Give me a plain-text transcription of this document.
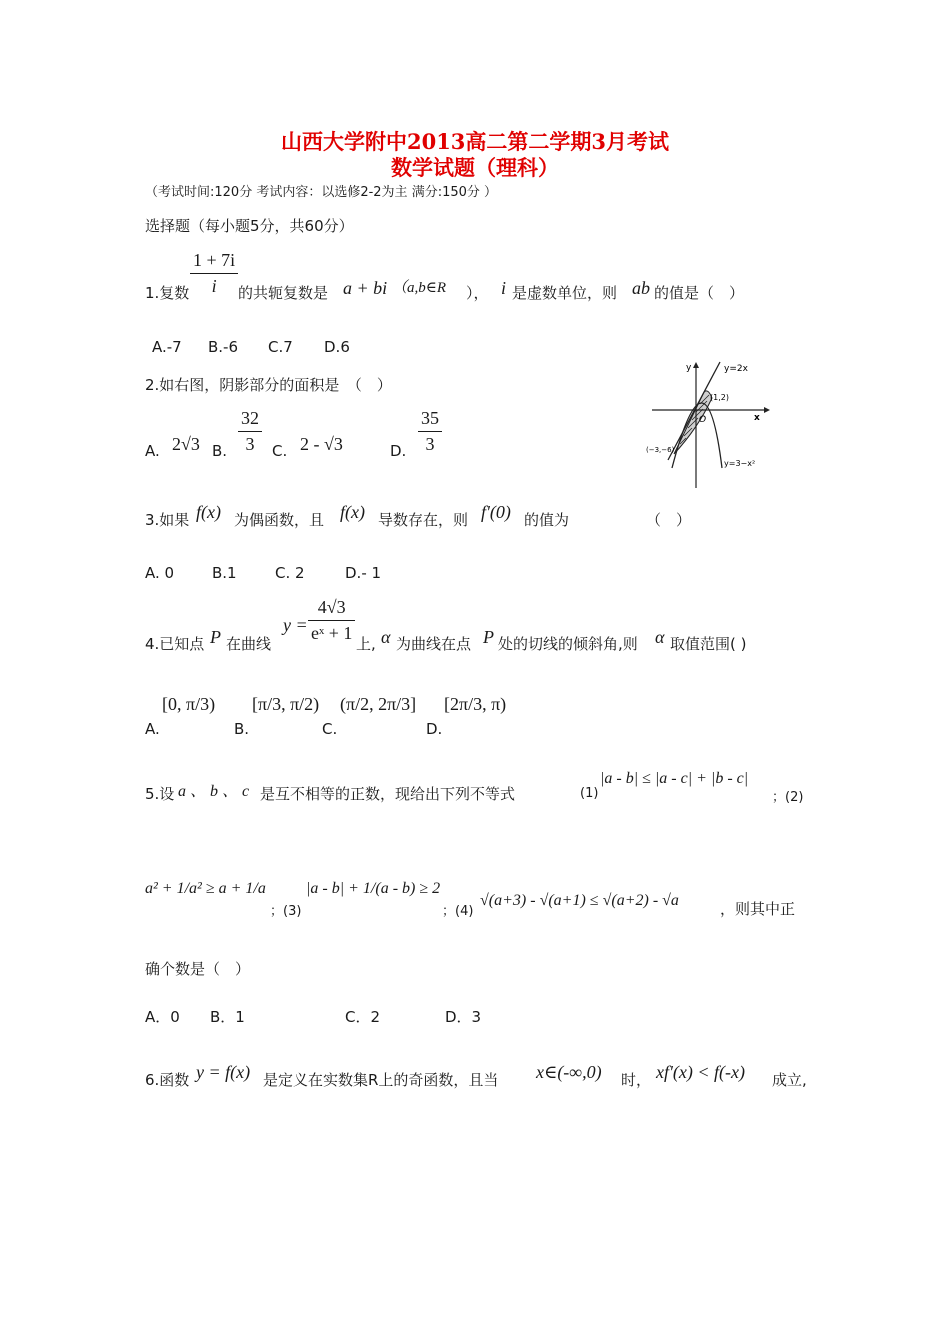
山西大学附中2013高二第二学期3月考试
数学试题（理科）
（考试时间:120分 考试内容：以选修2-2为主 满分:150分 ）
选择题（每小题5分，共60分）
1.复数 $\frac{1 + 7i}{i}$ 的共轭复数是 a + bi （a,b∈R ）， i 是虚数单位，则 ab 的值是（　）
A.-7 B.-6 C.7 D.6
2.如右图，阴影部分的面积是　（　）
A. 2√3 B. $\frac{32}{3} C$. 2 - √3	D. $\frac{35}{3}$
y
x
y=2x
(1,2)
O
(−3,−6)
y=3−x²
3.如果 f(x) 为偶函数，且 f(x) 导数存在，则 f'(0) 的值为	（　）
A. 0	B.1	C. 2	D.- 1
4.已知点 P 在曲线
$y = \frac{4√3}{\text{eˣ + 1}}$ 上, α 为曲线在点 P 处的切线的倾斜角,则 α 取值范围( )
A.
[0, π/3)
B.
[π/3, π/2)
C.
(π/2, 2π/3]
D.
[2π/3, π)
5.设 a 、 b 、 c 是互不相等的正数，现给出下列不等式	(1)
|a - b| ≤ |a - c| + |b - c|
；(2)
a² + 1/a² ≥ a + 1/a
；(3)
|a - b| + 1/(a - b) ≥ 2
；(4)
√(a+3) - √(a+1) ≤ √(a+2) - √a	，则其中正
确个数是（　）
A．0 B．1	C．2	D．3
6.函数 y = f(x) 是定义在实数集R上的奇函数，且当 x∈(-∞,0) 时， xf'(x) < f(-x) 成立,
